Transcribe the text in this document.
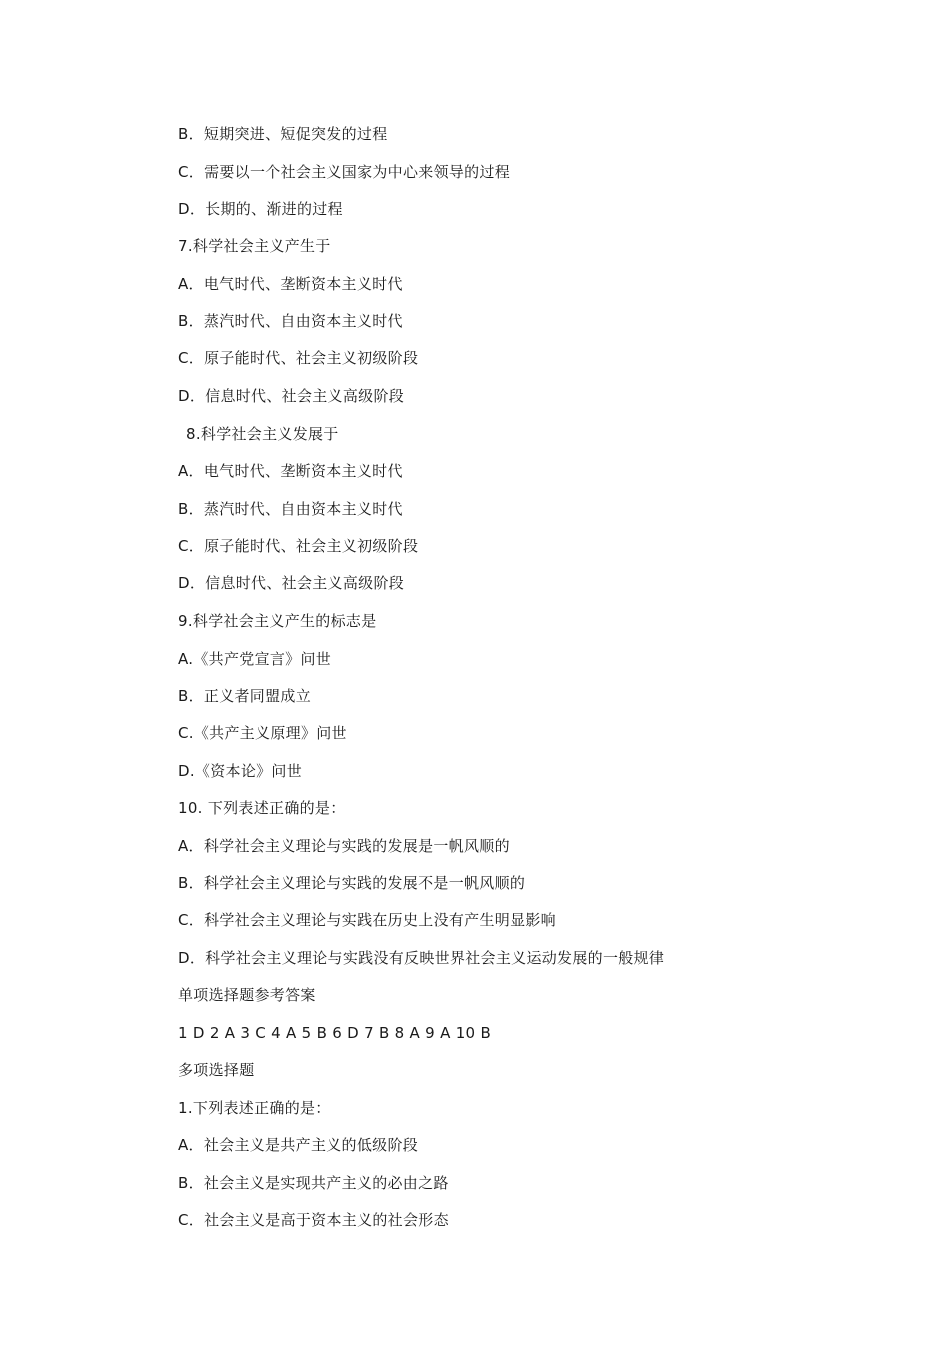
B．短期突进、短促突发的过程
C．需要以一个社会主义国家为中心来领导的过程
D．长期的、渐进的过程
7.科学社会主义产生于
A．电气时代、垄断资本主义时代
B．蒸汽时代、自由资本主义时代
C．原子能时代、社会主义初级阶段
D．信息时代、社会主义高级阶段
8.科学社会主义发展于
A．电气时代、垄断资本主义时代
B．蒸汽时代、自由资本主义时代
C．原子能时代、社会主义初级阶段
D．信息时代、社会主义高级阶段
9.科学社会主义产生的标志是
A.《共产党宣言》问世
B．正义者同盟成立
C.《共产主义原理》问世
D.《资本论》问世
10. 下列表述正确的是：
A．科学社会主义理论与实践的发展是一帆风顺的
B．科学社会主义理论与实践的发展不是一帆风顺的
C．科学社会主义理论与实践在历史上没有产生明显影响
D．科学社会主义理论与实践没有反映世界社会主义运动发展的一般规律
单项选择题参考答案
1 D 2 A 3 C 4 A 5 B 6 D 7 B 8 A 9 A 10 B
多项选择题
1.下列表述正确的是：
A．社会主义是共产主义的低级阶段
B．社会主义是实现共产主义的必由之路
C．社会主义是高于资本主义的社会形态
